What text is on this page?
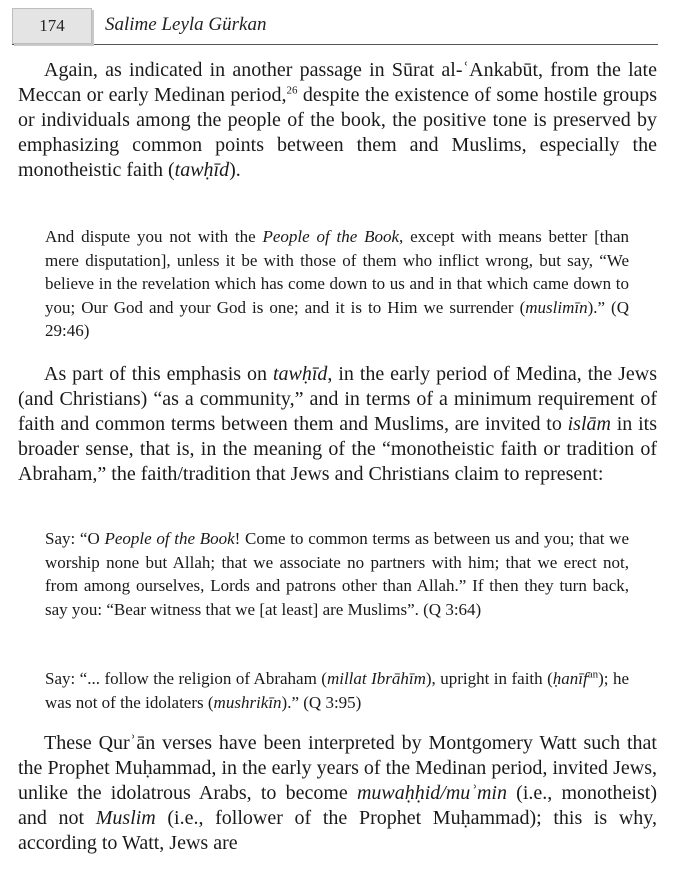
174	Salime Leyla Gürkan

Again, as indicated in another passage in Sūrat al-ʿAnkabūt, from the late Meccan or early Medinan period,$^{26}$ despite the existence of some hostile groups or individuals among the people of the book, the positive tone is preserved by emphasizing common points between them and Muslims, especially the monotheistic faith (tawḥīd).

And dispute you not with the People of the Book, except with means better [than mere disputation], unless it be with those of them who inflict wrong, but say, “We believe in the revelation which has come down to us and in that which came down to you; Our God and your God is one; and it is to Him we surrender (muslimīn).” (Q 29:46)

As part of this emphasis on tawḥīd, in the early period of Medina, the Jews (and Christians) “as a community,” and in terms of a minimum requirement of faith and common terms between them and Muslims, are invited to islām in its broader sense, that is, in the meaning of the “monotheistic faith or tradition of Abraham,” the faith/tradition that Jews and Christians claim to represent:

Say: “O People of the Book! Come to common terms as between us and you; that we worship none but Allah; that we associate no partners with him; that we erect not, from among ourselves, Lords and patrons other than Allah.” If then they turn back, say you: “Bear witness that we [at least] are Muslims”. (Q 3:64)

Say: “... follow the religion of Abraham (millat Ibrāhīm), upright in faith (ḥanīf$^{an}$); he was not of the idolaters (mushrikīn).” (Q 3:95)

These Qurʾān verses have been interpreted by Montgomery Watt such that the Prophet Muḥammad, in the early years of the Medinan period, invited Jews, unlike the idolatrous Arabs, to become muwaḥḥid/muʾmin (i.e., monotheist) and not Muslim (i.e., follower of the Prophet Muḥammad); this is why, according to Watt, Jews are
